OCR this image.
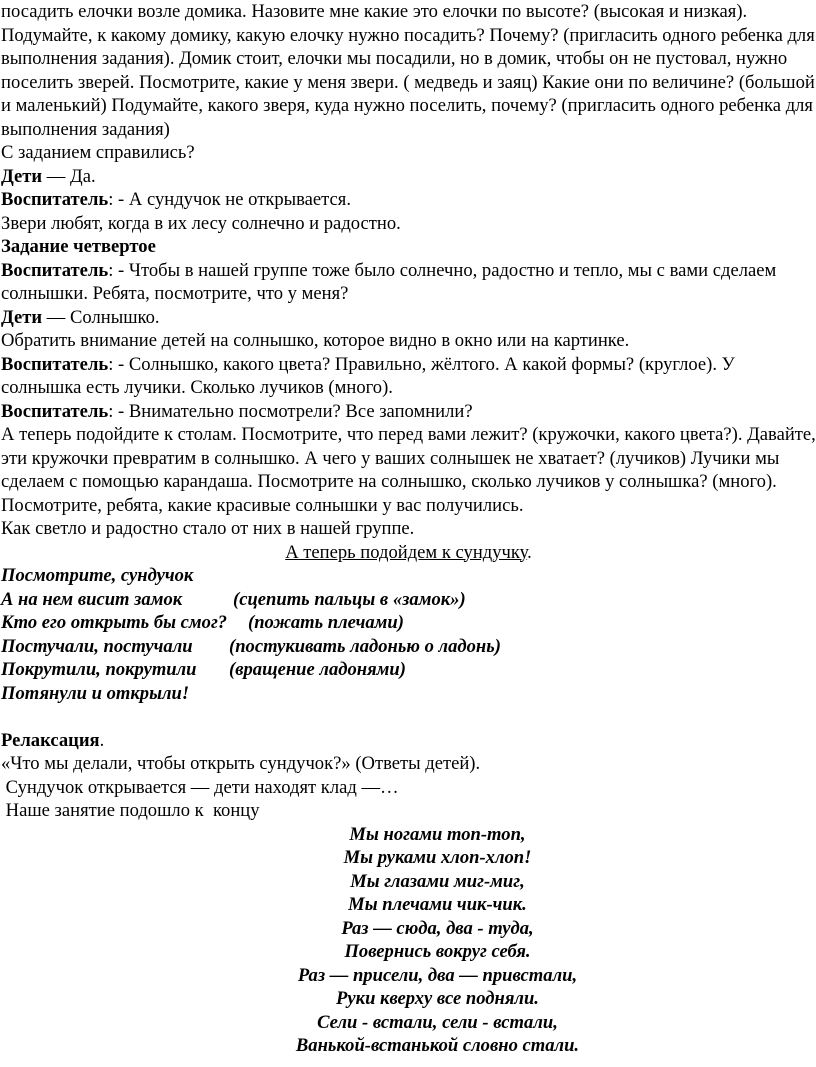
посадить елочки возле домика. Назовите мне какие это елочки по высоте? (высокая и низкая). Подумайте, к какому домику, какую елочку нужно посадить? Почему? (пригласить одного ребенка для выполнения задания). Домик стоит, елочки мы посадили, но в домик, чтобы он не пустовал, нужно поселить зверей. Посмотрите, какие у меня звери. ( медведь и заяц) Какие они по величине? (большой и маленький) Подумайте, какого зверя, куда нужно поселить, почему? (пригласить одного ребенка для выполнения задания)

С заданием справились?

Дети — Да.

Воспитатель: - А сундучок не открывается.

Звери любят, когда в их лесу солнечно и радостно.

Задание четвертое

Воспитатель: - Чтобы в нашей группе тоже было солнечно, радостно и тепло, мы с вами сделаем солнышки. Ребята, посмотрите, что у меня?

Дети — Солнышко.

Обратить внимание детей на солнышко, которое видно в окно или на картинке.

Воспитатель: - Солнышко, какого цвета? Правильно, жёлтого. А какой формы? (круглое). У солнышка есть лучики. Сколько лучиков (много).

Воспитатель: - Внимательно посмотрели? Все запомнили?

А теперь подойдите к столам. Посмотрите, что перед вами лежит? (кружочки, какого цвета?). Давайте, эти кружочки превратим в солнышко. А чего у ваших солнышек не хватает? (лучиков) Лучики мы сделаем с помощью карандаша. Посмотрите на солнышко, сколько лучиков у солнышка? (много).

Посмотрите, ребята, какие красивые солнышки у вас получились.

Как светло и радостно стало от них в нашей группе.

А теперь подойдем к сундучку.

Посмотрите, сундучок

А на нем висит замок	(сцепить пальцы в «замок»)

Кто его открыть бы смог? (пожать плечами)

Постучали, постучали (постукивать ладонью о ладонь)

Покрутили, покрутили (вращение ладонями)

Потянули и открыли!

Релаксация.

«Что мы делали, чтобы открыть сундучок?» (Ответы детей).

Сундучок открывается — дети находят клад —…

Наше занятие подошло к  концу

Мы ногами топ-топ,

Мы руками хлоп-хлоп!

Мы глазами миг-миг,

Мы плечами чик-чик.

Раз — сюда, два - туда,

Повернись вокруг себя.

Раз — присели, два — привстали,

Руки кверху все подняли.

Сели - встали, сели - встали,

Ванькой-встанькой словно стали.
